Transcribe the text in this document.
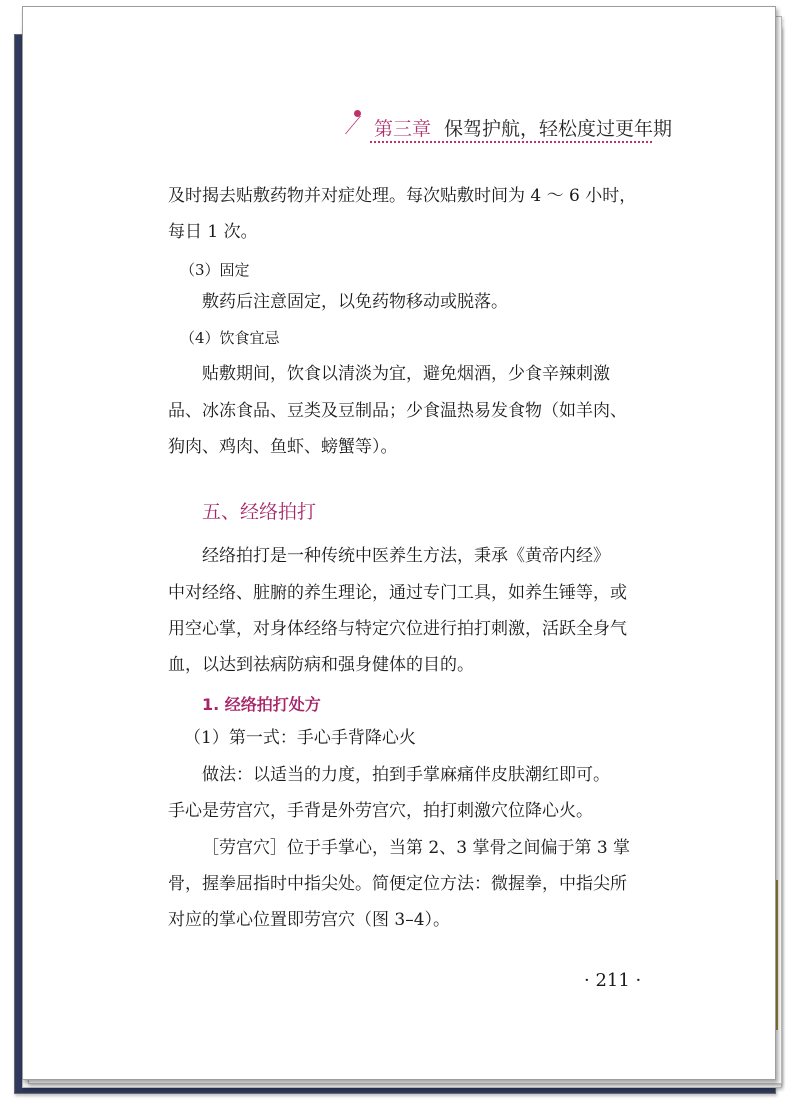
第三章 保驾护航，轻松度过更年期
及时揭去贴敷药物并对症处理。每次贴敷时间为 4 ～ 6 小时，
每日 1 次。
（3）固定
敷药后注意固定，以免药物移动或脱落。
（4）饮食宜忌
贴敷期间，饮食以清淡为宜，避免烟酒，少食辛辣刺激
品、冰冻食品、豆类及豆制品；少食温热易发食物（如羊肉、
狗肉、鸡肉、鱼虾、螃蟹等）。
五、经络拍打
经络拍打是一种传统中医养生方法，秉承《黄帝内经》
中对经络、脏腑的养生理论，通过专门工具，如养生锤等，或
用空心掌，对身体经络与特定穴位进行拍打刺激，活跃全身气
血，以达到祛病防病和强身健体的目的。
1. 经络拍打处方
（1）第一式：手心手背降心火
做法：以适当的力度，拍到手掌麻痛伴皮肤潮红即可。
手心是劳宫穴，手背是外劳宫穴，拍打刺激穴位降心火。
［劳宫穴］位于手掌心，当第 2、3 掌骨之间偏于第 3 掌
骨，握拳屈指时中指尖处。简便定位方法：微握拳，中指尖所
对应的掌心位置即劳宫穴（图 3–4）。
· 211 ·
